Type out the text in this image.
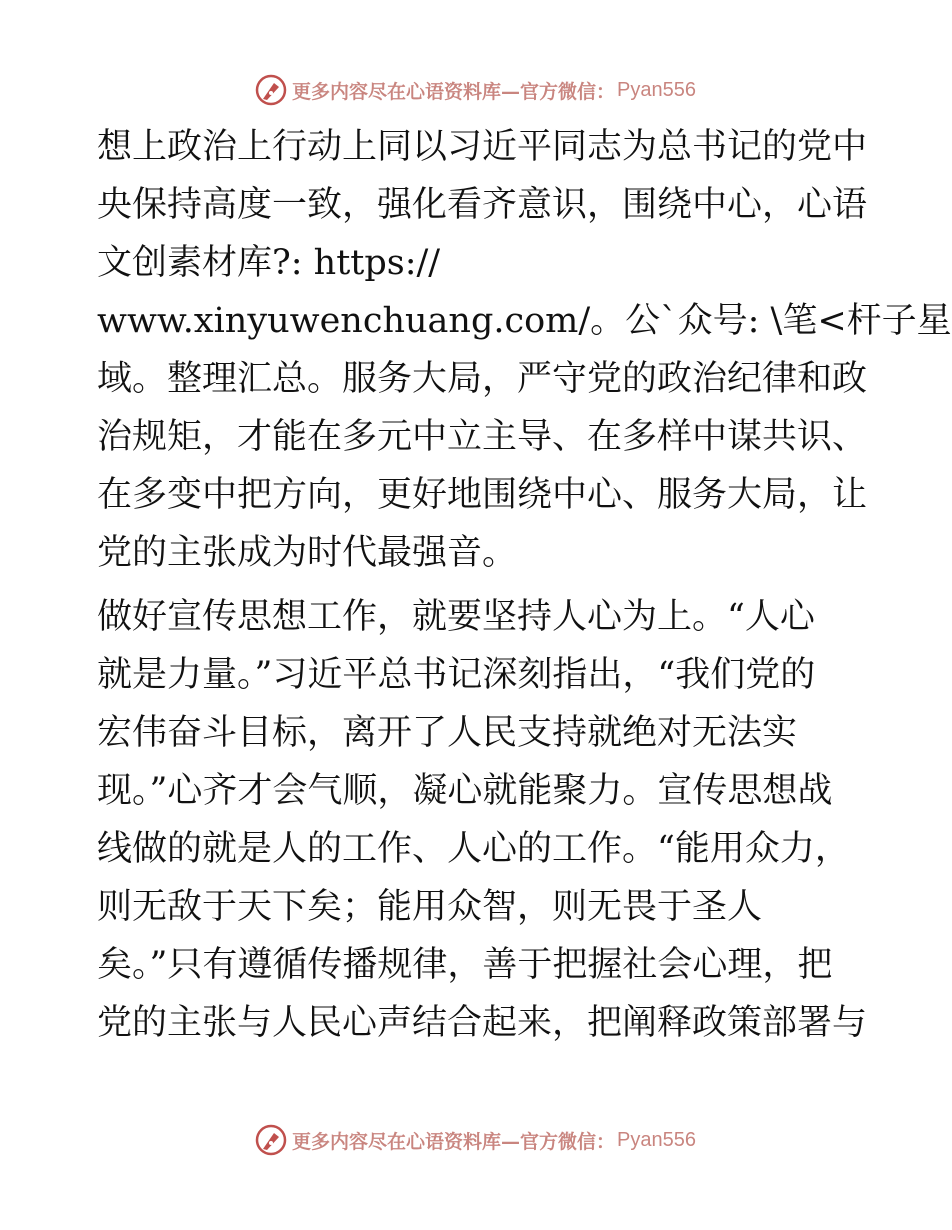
更多内容尽在心语资料库—官方微信： Pyan556
想上政治上行动上同以习近平同志为总书记的党中
央保持高度一致，强化看齐意识，围绕中心，心语
文创素材库?: https://
www.xinyuwenchuang.com/。公`众号: \笔<杆子星
域。整理汇总。服务大局，严守党的政治纪律和政
治规矩，才能在多元中立主导、在多样中谋共识、
在多变中把方向，更好地围绕中心、服务大局，让
党的主张成为时代最强音。
做好宣传思想工作，就要坚持人心为上。“人心
就是力量。”习近平总书记深刻指出，“我们党的
宏伟奋斗目标，离开了人民支持就绝对无法实
现。”心齐才会气顺，凝心就能聚力。宣传思想战
线做的就是人的工作、人心的工作。“能用众力，
则无敌于天下矣；能用众智，则无畏于圣人
矣。”只有遵循传播规律，善于把握社会心理，把
党的主张与人民心声结合起来，把阐释政策部署与
更多内容尽在心语资料库—官方微信： Pyan556
